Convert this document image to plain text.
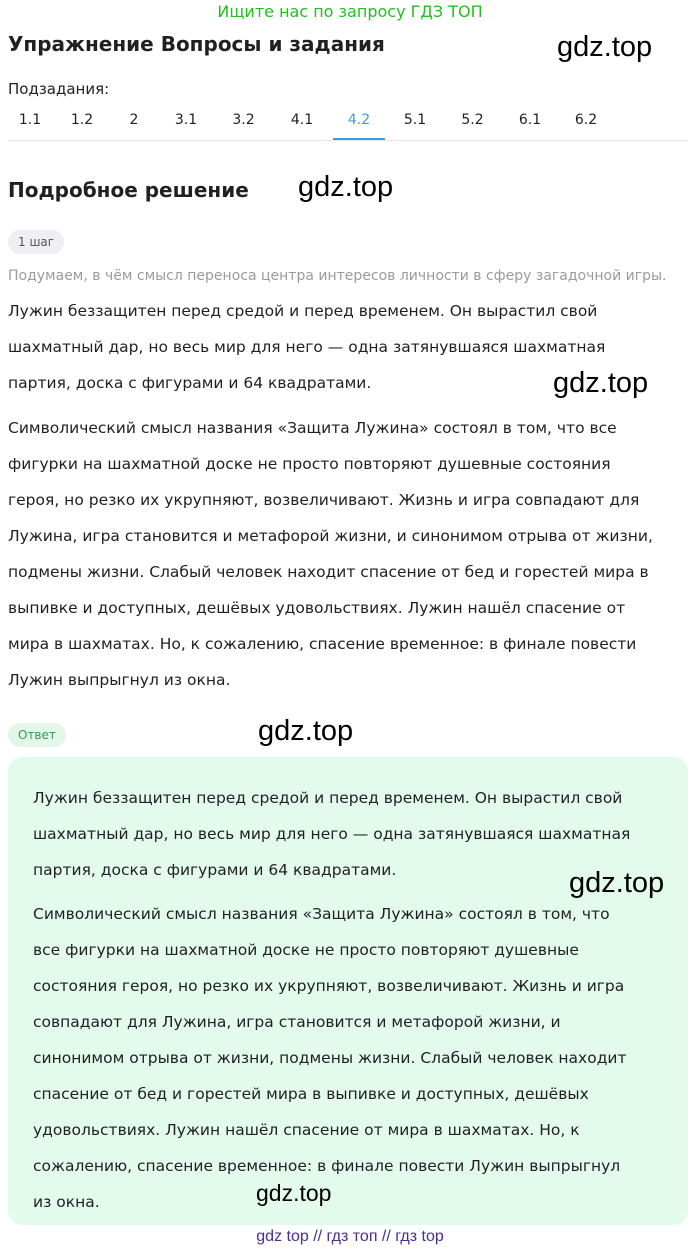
Ищите нас по запросу ГДЗ ТОП
Упражнение Вопросы и задания	gdz.top
Подзадания:
1.1	1.2	2	3.1	3.2	4.1	4.2	5.1	5.2	6.1	6.2
Подробное решение gdz.top
1 шаг
Подумаем, в чём смысл переноса центра интересов личности в сферу загадочной игры.

Лужин беззащитен перед средой и перед временем. Он вырастил свой

шахматный дар, но весь мир для него — одна затянувшаяся шахматная

партия, доска с фигурами и 64 квадратами.	gdz.top

Символический смысл названия «Защита Лужина» состоял в том, что все

фигурки на шахматной доске не просто повторяют душевные состояния

героя, но резко их укрупняют, возвеличивают. Жизнь и игра совпадают для

Лужина, игра становится и метафорой жизни, и синонимом отрыва от жизни,

подмены жизни. Слабый человек находит спасение от бед и горестей мира в

выпивке и доступных, дешёвых удовольствиях. Лужин нашёл спасение от

мира в шахматах. Но, к сожалению, спасение временное: в финале повести

Лужин выпрыгнул из окна.

Ответ	gdz.top

Лужин беззащитен перед средой и перед временем. Он вырастил свой

шахматный дар, но весь мир для него — одна затянувшаяся шахматная

партия, доска с фигурами и 64 квадратами.	gdz.top

Символический смысл названия «Защита Лужина» состоял в том, что

все фигурки на шахматной доске не просто повторяют душевные

состояния героя, но резко их укрупняют, возвеличивают. Жизнь и игра

совпадают для Лужина, игра становится и метафорой жизни, и

синонимом отрыва от жизни, подмены жизни. Слабый человек находит

спасение от бед и горестей мира в выпивке и доступных, дешёвых

удовольствиях. Лужин нашёл спасение от мира в шахматах. Но, к

сожалению, спасение временное: в финале повести Лужин выпрыгнул

из окна.	gdz.top
gdz top // гдз топ // гдз top
